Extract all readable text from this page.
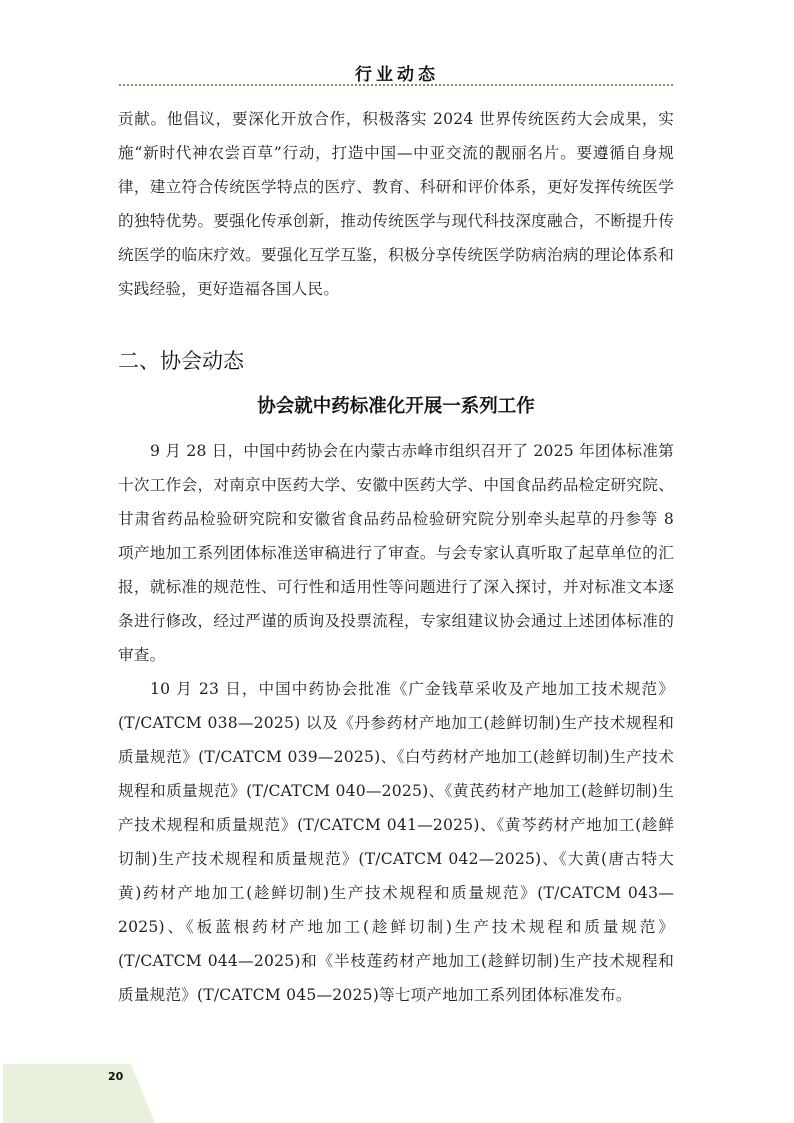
行业动态

贡献。他倡议，要深化开放合作，积极落实 2024 世界传统医药大会成果，实施“新时代神农尝百草”行动，打造中国—中亚交流的靓丽名片。要遵循自身规律，建立符合传统医学特点的医疗、教育、科研和评价体系，更好发挥传统医学的独特优势。要强化传承创新，推动传统医学与现代科技深度融合，不断提升传统医学的临床疗效。要强化互学互鉴，积极分享传统医学防病治病的理论体系和实践经验，更好造福各国人民。

二、协会动态
协会就中药标准化开展一系列工作

9 月 28 日，中国中药协会在内蒙古赤峰市组织召开了 2025 年团体标准第十次工作会，对南京中医药大学、安徽中医药大学、中国食品药品检定研究院、甘肃省药品检验研究院和安徽省食品药品检验研究院分别牵头起草的丹参等 8 项产地加工系列团体标准送审稿进行了审查。与会专家认真听取了起草单位的汇报，就标准的规范性、可行性和适用性等问题进行了深入探讨，并对标准文本逐条进行修改，经过严谨的质询及投票流程，专家组建议协会通过上述团体标准的审查。

10 月 23 日，中国中药协会批准《广金钱草采收及产地加工技术规范》(T/CATCM 038—2025) 以及《丹参药材产地加工(趁鲜切制)生产技术规程和质量规范》(T/CATCM 039—2025)、《白芍药材产地加工(趁鲜切制)生产技术规程和质量规范》(T/CATCM 040—2025)、《黄芪药材产地加工(趁鲜切制)生产技术规程和质量规范》(T/CATCM 041—2025)、《黄芩药材产地加工(趁鲜切制)生产技术规程和质量规范》(T/CATCM 042—2025)、《大黄(唐古特大黄)药材产地加工(趁鲜切制)生产技术规程和质量规范》(T/CATCM 043—2025)、《板蓝根药材产地加工(趁鲜切制)生产技术规程和质量规范》(T/CATCM 044—2025)和《半枝莲药材产地加工(趁鲜切制)生产技术规程和质量规范》(T/CATCM 045—2025)等七项产地加工系列团体标准发布。

20
